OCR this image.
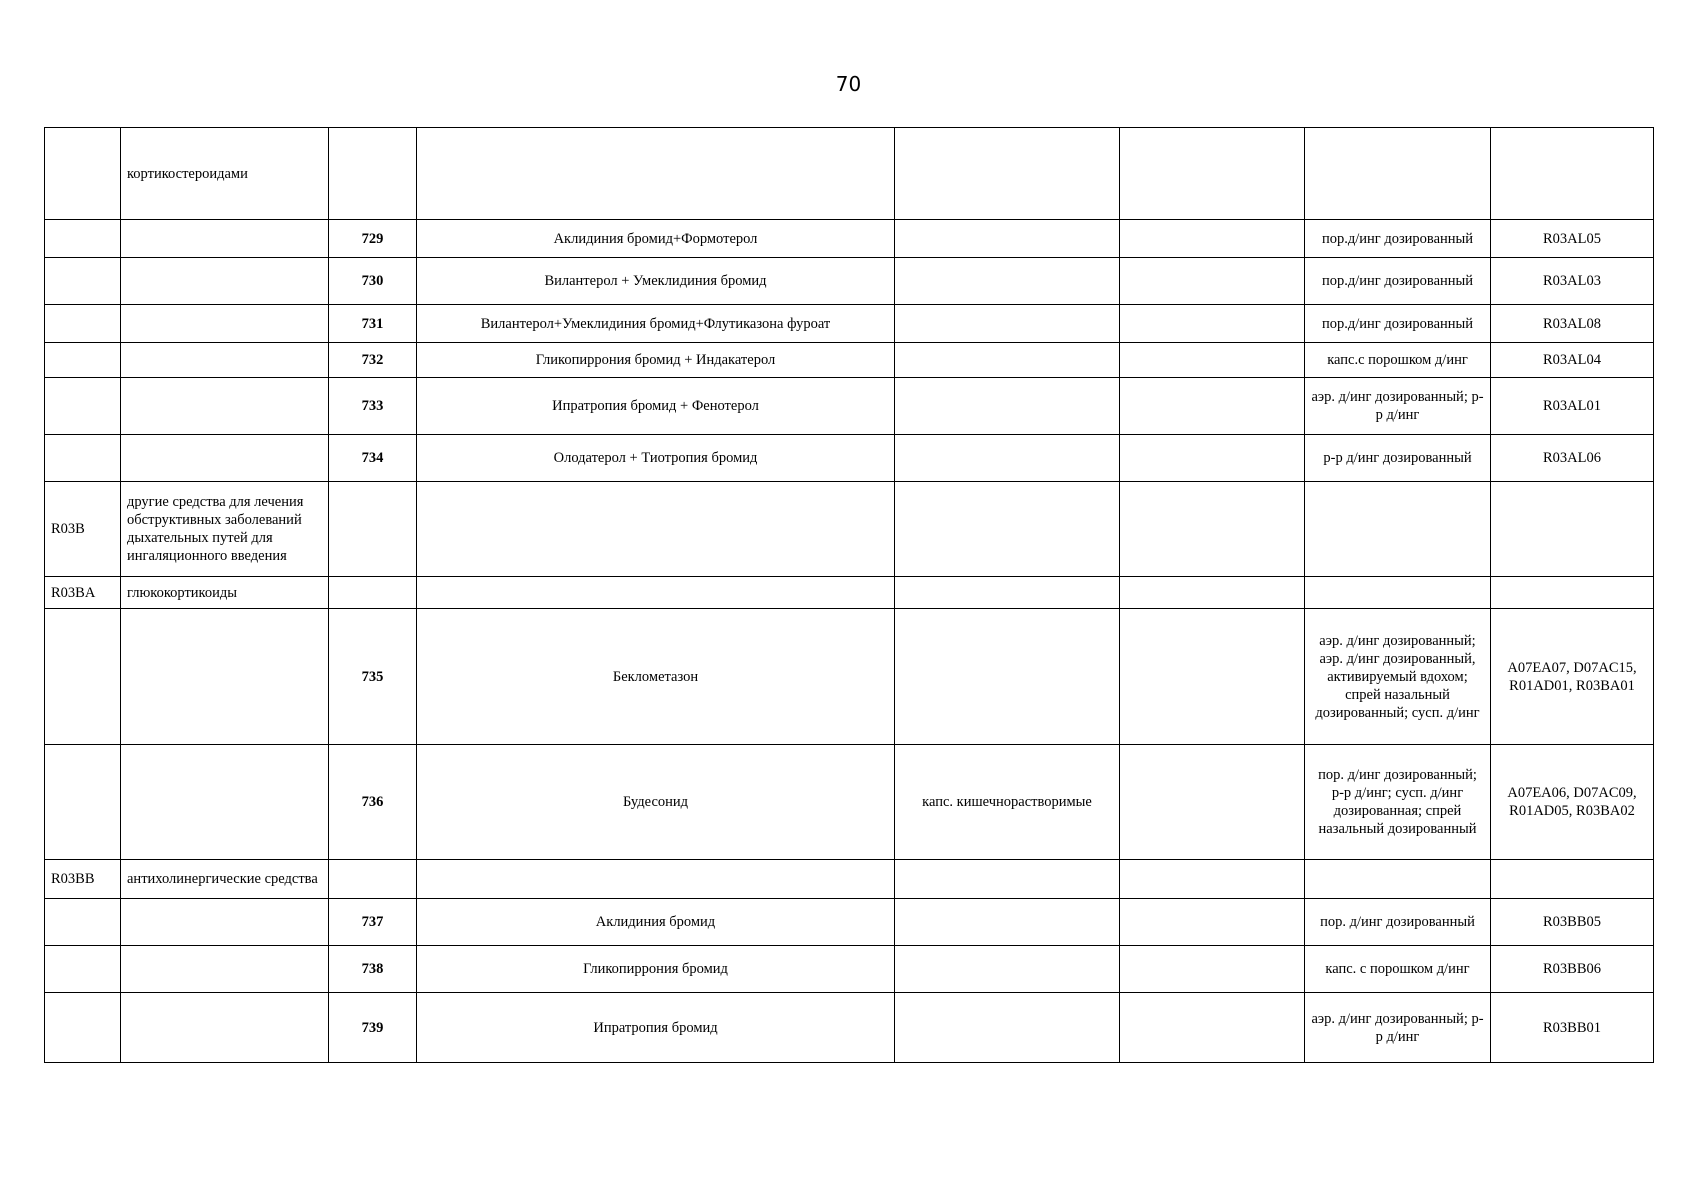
70
	кортикостероидами						
		729	Аклидиния бромид+Формотерол			пор.д/инг дозированный	R03AL05
		730	Вилантерол + Умеклидиния бромид			пор.д/инг дозированный	R03AL03
		731	Вилантерол+Умеклидиния бромид+Флутиказона фуроат			пор.д/инг дозированный	R03AL08
		732	Гликопиррония бромид + Индакатерол			капс.с порошком д/инг	R03AL04
		733	Ипратропия бромид + Фенотерол			аэр. д/инг дозированный; р-р д/инг	R03AL01
		734	Олодатерол + Тиотропия бромид			р-р д/инг дозированный	R03AL06
R03B	другие средства для лечения обструктивных заболеваний дыхательных путей для ингаляционного введения						
R03BA	глюкокортикоиды						
		735	Беклометазон			аэр. д/инг дозированный; аэр. д/инг дозированный, активируемый вдохом; спрей назальный дозированный; сусп. д/инг	A07EA07, D07AC15, R01AD01, R03BA01
		736	Будесонид	капс. кишечнорастворимые		пор. д/инг дозированный; р-р д/инг; сусп. д/инг дозированная; спрей назальный дозированный	A07EA06, D07AC09, R01AD05, R03BA02
R03BB	антихолинергические средства						
		737	Аклидиния бромид			пор. д/инг дозированный	R03BB05
		738	Гликопиррония бромид			капс. с порошком д/инг	R03BB06
		739	Ипратропия бромид			аэр. д/инг дозированный; р-р д/инг	R03BB01
